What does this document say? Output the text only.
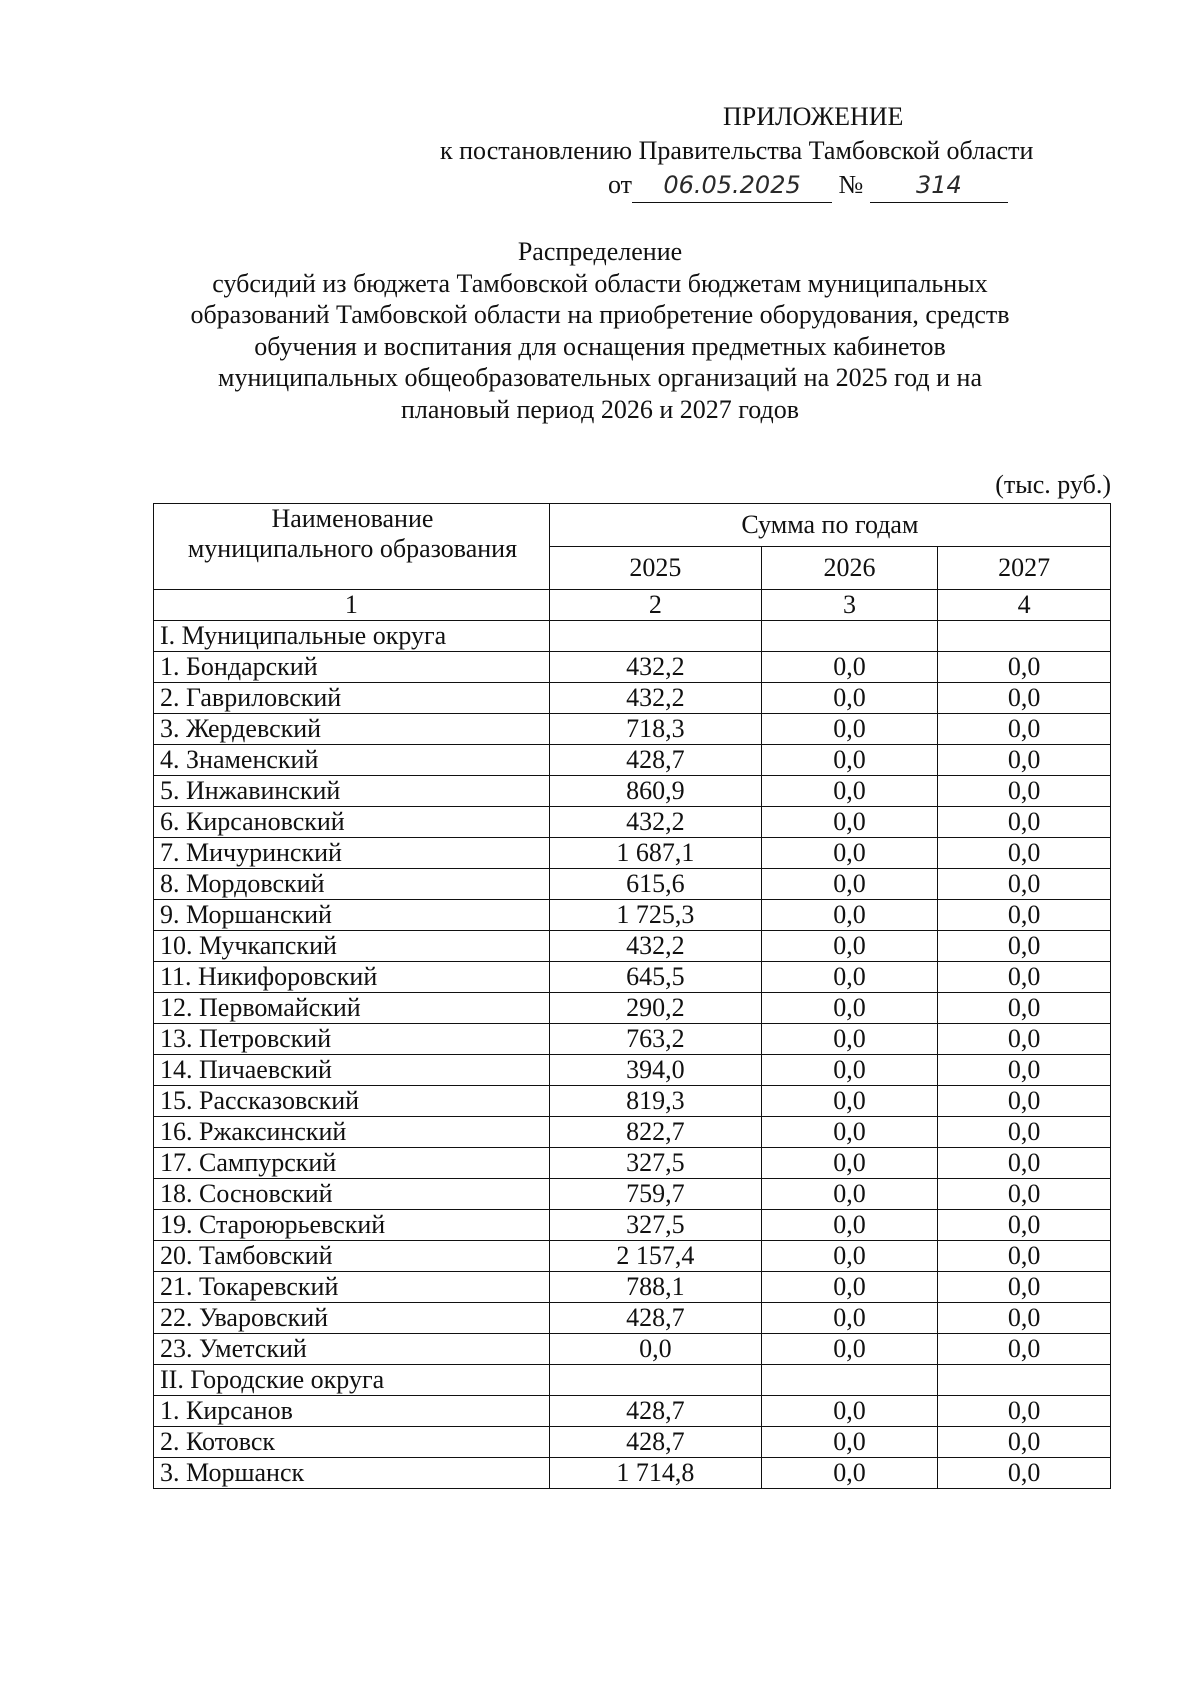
ПРИЛОЖЕНИЕ
к постановлению Правительства Тамбовской области
от 06.05.2025 № 314
Распределение
субсидий из бюджета Тамбовской области бюджетам муниципальных
образований Тамбовской области на приобретение оборудования, средств
обучения и воспитания для оснащения предметных кабинетов
муниципальных общеобразовательных организаций на 2025 год и на
плановый период 2026 и 2027 годов
(тыс. руб.)
Наименование
муниципального образования	Сумма по годам		
	2025	2026	2027
1	2	3	4
I. Муниципальные округа			
1. Бондарский	432,2	0,0	0,0
2. Гавриловский	432,2	0,0	0,0
3. Жердевский	718,3	0,0	0,0
4. Знаменский	428,7	0,0	0,0
5. Инжавинский	860,9	0,0	0,0
6. Кирсановский	432,2	0,0	0,0
7. Мичуринский	1 687,1	0,0	0,0
8. Мордовский	615,6	0,0	0,0
9. Моршанский	1 725,3	0,0	0,0
10. Мучкапский	432,2	0,0	0,0
11. Никифоровский	645,5	0,0	0,0
12. Первомайский	290,2	0,0	0,0
13. Петровский	763,2	0,0	0,0
14. Пичаевский	394,0	0,0	0,0
15. Рассказовский	819,3	0,0	0,0
16. Ржаксинский	822,7	0,0	0,0
17. Сампурский	327,5	0,0	0,0
18. Сосновский	759,7	0,0	0,0
19. Староюрьевский	327,5	0,0	0,0
20. Тамбовский	2 157,4	0,0	0,0
21. Токаревский	788,1	0,0	0,0
22. Уваровский	428,7	0,0	0,0
23. Уметский	0,0	0,0	0,0
II. Городские округа			
1. Кирсанов	428,7	0,0	0,0
2. Котовск	428,7	0,0	0,0
3. Моршанск	1 714,8	0,0	0,0
